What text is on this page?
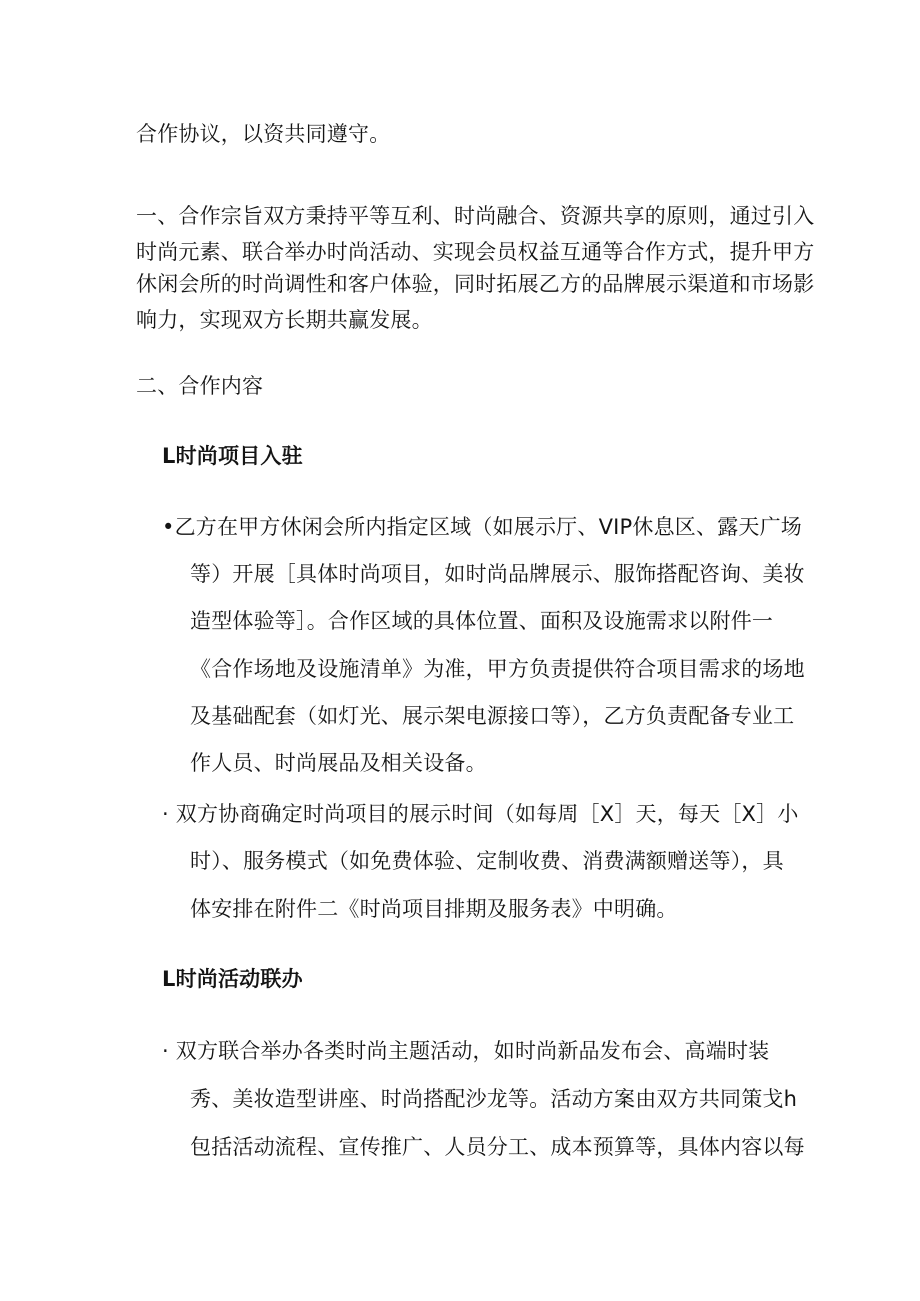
合作协议，以资共同遵守。
一、合作宗旨双方秉持平等互利、时尚融合、资源共享的原则，通过引入
时尚元素、联合举办时尚活动、实现会员权益互通等合作方式，提升甲方
休闲会所的时尚调性和客户体验，同时拓展乙方的品牌展示渠道和市场影
响力，实现双方长期共赢发展。
二、合作内容
L时尚项目入驻
•乙方在甲方休闲会所内指定区域（如展示厅、VIP休息区、露天广场
等）开展［具体时尚项目，如时尚品牌展示、服饰搭配咨询、美妆
造型体验等］。合作区域的具体位置、面积及设施需求以附件一
《合作场地及设施清单》为准，甲方负责提供符合项目需求的场地
及基础配套（如灯光、展示架电源接口等），乙方负责配备专业工
作人员、时尚展品及相关设备。
· 双方协商确定时尚项目的展示时间（如每周［X］天，每天［X］小
时）、服务模式（如免费体验、定制收费、消费满额赠送等），具
体安排在附件二《时尚项目排期及服务表》中明确。
L时尚活动联办
· 双方联合举办各类时尚主题活动，如时尚新品发布会、高端时装
秀、美妆造型讲座、时尚搭配沙龙等。活动方案由双方共同策戈h
包括活动流程、宣传推广、人员分工、成本预算等，具体内容以每
